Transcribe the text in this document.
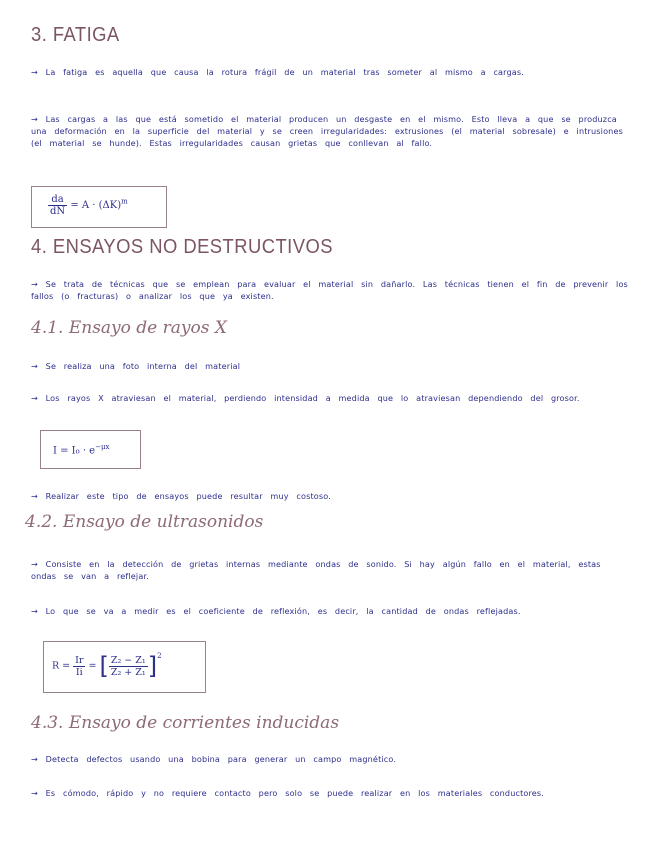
3. FATIGA
→ La fatiga es aquella que causa la rotura frágil de un material tras someter al mismo a cargas.
→ Las cargas a las que está sometido el material producen un desgaste en el mismo. Esto lleva a que se produzca una deformación en la superficie del material y se creen irregularidades: extrusiones (el material sobresale) e intrusiones (el material se hunde). Estas irregularidades causan grietas que conllevan al fallo.
$\frac{da}{dN} = A \cdot (\Delta K)^m$
4. ENSAYOS NO DESTRUCTIVOS
→ Se trata de técnicas que se emplean para evaluar el material sin dañarlo. Las técnicas tienen el fin de prevenir los fallos (o fracturas) o analizar los que ya existen.
4.1. Ensayo de rayos X
→ Se realiza una foto interna del material
→ Los rayos X atraviesan el material, perdiendo intensidad a medida que lo atraviesan dependiendo del grosor.
$I = I_0 \cdot e^{-\mu x}$
→ Realizar este tipo de ensayos puede resultar muy costoso.
4.2. Ensayo de ultrasonidos
→ Consiste en la detección de grietas internas mediante ondas de sonido. Si hay algún fallo en el material, estas ondas se van a reflejar.
→ Lo que se va a medir es el coeficiente de reflexión, es decir, la cantidad de ondas reflejadas.
$R = \frac{Ir}{Ii}$ = [ $\frac{\text{Z₂ − Z₁}}{\text{Z₂ + Z₁}} ]^2$
4.3. Ensayo de corrientes inducidas
→ Detecta defectos usando una bobina para generar un campo magnético.
→ Es cómodo, rápido y no requiere contacto pero solo se puede realizar en los materiales conductores.
